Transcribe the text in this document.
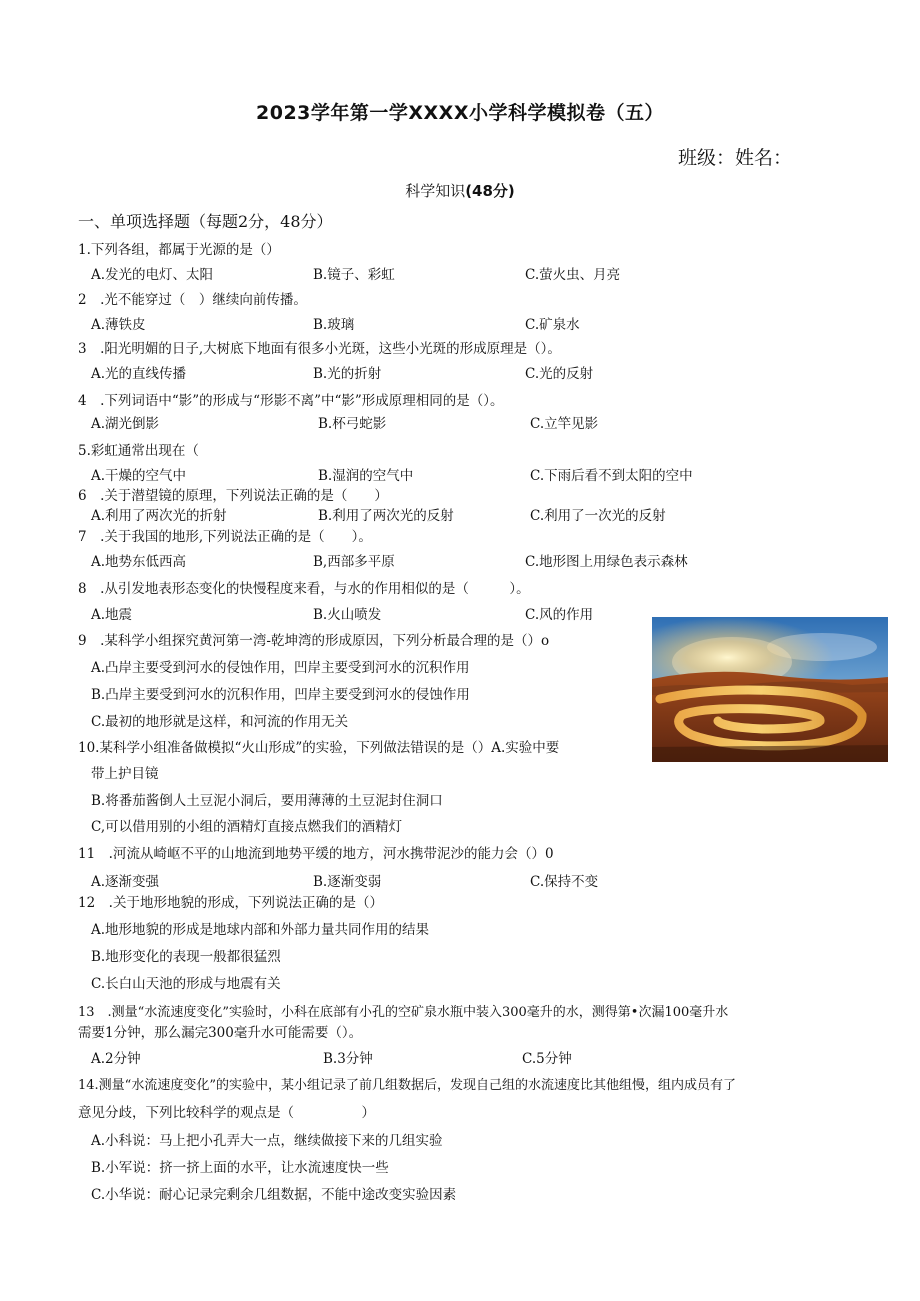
2023学年第一学XXXX小学科学模拟卷（五）
班级：姓名：
科学知识(48分)
一、单项选择题（每题2分，48分）
1.下列各组，都属于光源的是（）
A.发光的电灯、太阳	B.镜子、彩虹	C.萤火虫、月亮
2　.光不能穿过（　）继续向前传播。
A.薄铁皮	B.玻璃	C.矿泉水
3　.阳光明媚的日子,大树底下地面有很多小光斑，这些小光斑的形成原理是（）。
A.光的直线传播	B.光的折射	C.光的反射
4　.下列词语中“影”的形成与“形影不离”中“影”形成原理相同的是（）。
A.湖光倒影	B.杯弓蛇影	C.立竿见影
5.彩虹通常出现在（
A.干燥的空气中	B.湿润的空气中	C.下雨后看不到太阳的空中
6　.关于潜望镜的原理，下列说法正确的是（　　）
A.利用了两次光的折射	B.利用了两次光的反射	C.利用了一次光的反射
7　.关于我国的地形,下列说法正确的是（　　）。
A.地势东低西高	B,西部多平原	C.地形图上用绿色表示森林
8　.从引发地表形态变化的快慢程度来看，与水的作用相似的是（　　　）。
A.地震	B.火山喷发	C.风的作用
9　.某科学小组探究黄河第一湾-乾坤湾的形成原因，下列分析最合理的是（）o
A.凸岸主要受到河水的侵蚀作用，凹岸主要受到河水的沉积作用
B.凸岸主要受到河水的沉积作用，凹岸主要受到河水的侵蚀作用
C.最初的地形就是这样，和河流的作用无关
10.某科学小组准备做模拟“火山形成”的实验，下列做法错误的是（）A.实验中要
带上护目镜
B.将番茄酱倒人土豆泥小洞后，要用薄薄的土豆泥封住洞口
C,可以借用别的小组的酒精灯直接点燃我们的酒精灯
11　.河流从崎岖不平的山地流到地势平缓的地方，河水携带泥沙的能力会（）0
A.逐渐变强	B.逐渐变弱	C.保持不变
12　.关于地形地貌的形成，下列说法正确的是（）
A.地形地貌的形成是地球内部和外部力量共同作用的结果
B.地形变化的表现一般都很猛烈
C.长白山天池的形成与地震有关
13　.测量“水流速度变化”实验时，小科在底部有小孔的空矿泉水瓶中装入300毫升的水，测得第•次漏100毫升水
需要1分钟，那么漏完300毫升水可能需要（）。
A.2分钟	B.3分钟	C.5分钟
14.测量“水流速度变化”的实验中，某小组记录了前几组数据后，发现自己组的水流速度比其他组慢，组内成员有了
意见分歧，下列比较科学的观点是（　　　　　）
A.小科说：马上把小孔弄大一点，继续做接下来的几组实验
B.小军说：挤一挤上面的水平，让水流速度快一些
C.小华说：耐心记录完剩余几组数据，不能中途改变实验因素
